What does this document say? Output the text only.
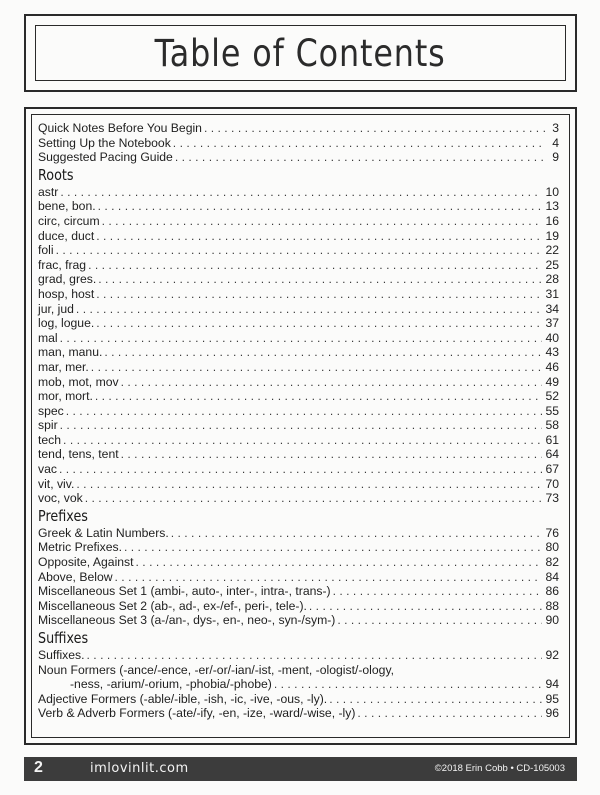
Table of Contents
Quick Notes Before You Begin . . .	3
Setting Up the Notebook . . .	4
Suggested Pacing Guide . . .	9
Roots
astr . . .	10
bene, bon. . . .	13
circ, circum . . .	16
duce, duct . . .	19
foli . . .	22
frac, frag . . .	25
grad, gres. . . .	28
hosp, host . . .	31
jur, jud . . .	34
log, logue. . . .	37
mal . . .	40
man, manu. . . .	43
mar, mer. . . .	46
mob, mot, mov . . .	49
mor, mort. . . .	52
spec . . .	55
spir . . .	58
tech . . .	61
tend, tens, tent . . .	64
vac . . .	67
vit, viv. . . .	70
voc, vok . . .	73
Prefixes
Greek & Latin Numbers. . . .	76
Metric Prefixes. . . .	80
Opposite, Against . . .	82
Above, Below . . .	84
Miscellaneous Set 1 (ambi-, auto-, inter-, intra-, trans-) . . .	86
Miscellaneous Set 2 (ab-, ad-, ex-/ef-, peri-, tele-). . . .	88
Miscellaneous Set 3 (a-/an-, dys-, en-, neo-, syn-/sym-) . . .	90
Suffixes
Suffixes. . . .	92
Noun Formers (-ance/-ence, -er/-or/-ian/-ist, -ment, -ologist/-ology,
-ness, -arium/-orium, -phobia/-phobe) . . .	94
Adjective Formers (-able/-ible, -ish, -ic, -ive, -ous, -ly). . . .	95
Verb & Adverb Formers (-ate/-ify, -en, -ize, -ward/-wise, -ly) . . .	96
2	imlovinlit.com	©2018 Erin Cobb • CD-105003
